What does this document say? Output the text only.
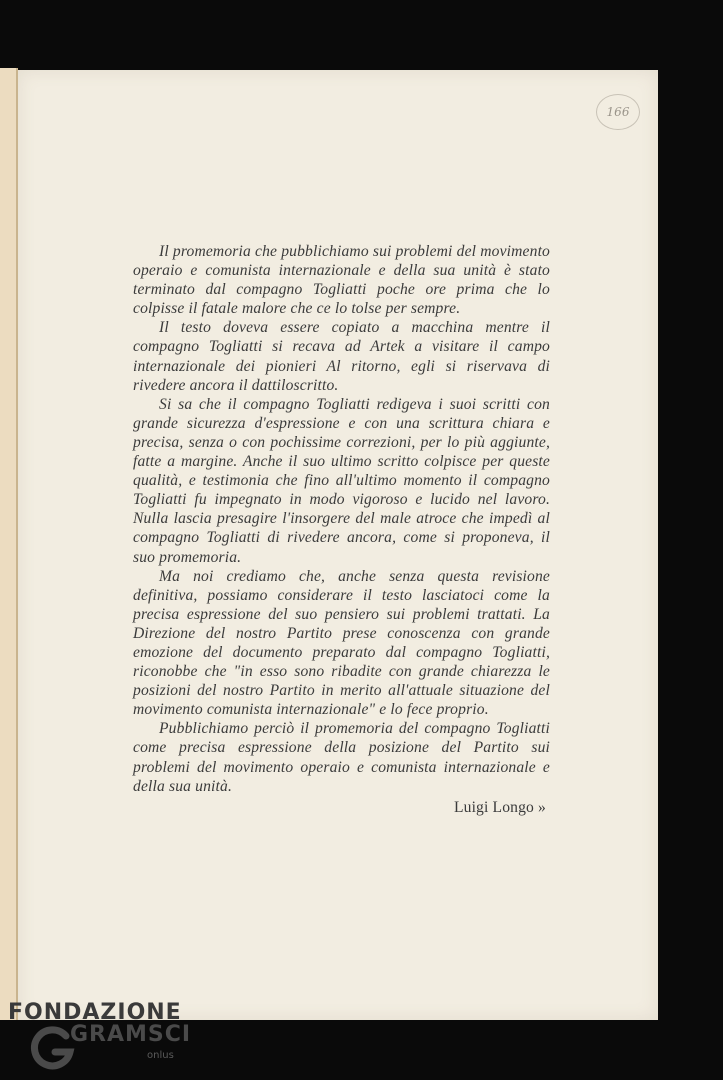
166

Il promemoria che pubblichiamo sui problemi del movimento operaio e comunista internazionale e della sua unità è stato terminato dal compagno Togliatti poche ore prima che lo colpisse il fatale malore che ce lo tolse per sempre.

Il testo doveva essere copiato a macchina mentre il compagno Togliatti si recava ad Artek a visitare il campo internazionale dei pionieri Al ritorno, egli si riservava di rivedere ancora il dattiloscritto.

Si sa che il compagno Togliatti redigeva i suoi scritti con grande sicurezza d'espressione e con una scrittura chiara e precisa, senza o con pochissime correzioni, per lo più aggiunte, fatte a margine. Anche il suo ultimo scritto colpisce per queste qualità, e testimonia che fino all'ultimo momento il compagno Togliatti fu impegnato in modo vigoroso e lucido nel lavoro. Nulla lascia presagire l'insorgere del male atroce che impedì al compagno Togliatti di rivedere ancora, come si proponeva, il suo promemoria.

Ma noi crediamo che, anche senza questa revisione definitiva, possiamo considerare il testo lasciatoci come la precisa espressione del suo pensiero sui problemi trattati. La Direzione del nostro Partito prese conoscenza con grande emozione del documento preparato dal compagno Togliatti, riconobbe che "in esso sono ribadite con grande chiarezza le posizioni del nostro Partito in merito all'attuale situazione del movimento comunista internazionale" e lo fece proprio.

Pubblichiamo perciò il promemoria del compagno Togliatti come precisa espressione della posizione del Partito sui problemi del movimento operaio e comunista internazionale e della sua unità.

Luigi Longo »
FONDAZIONE
GRAMSCI
onlus
